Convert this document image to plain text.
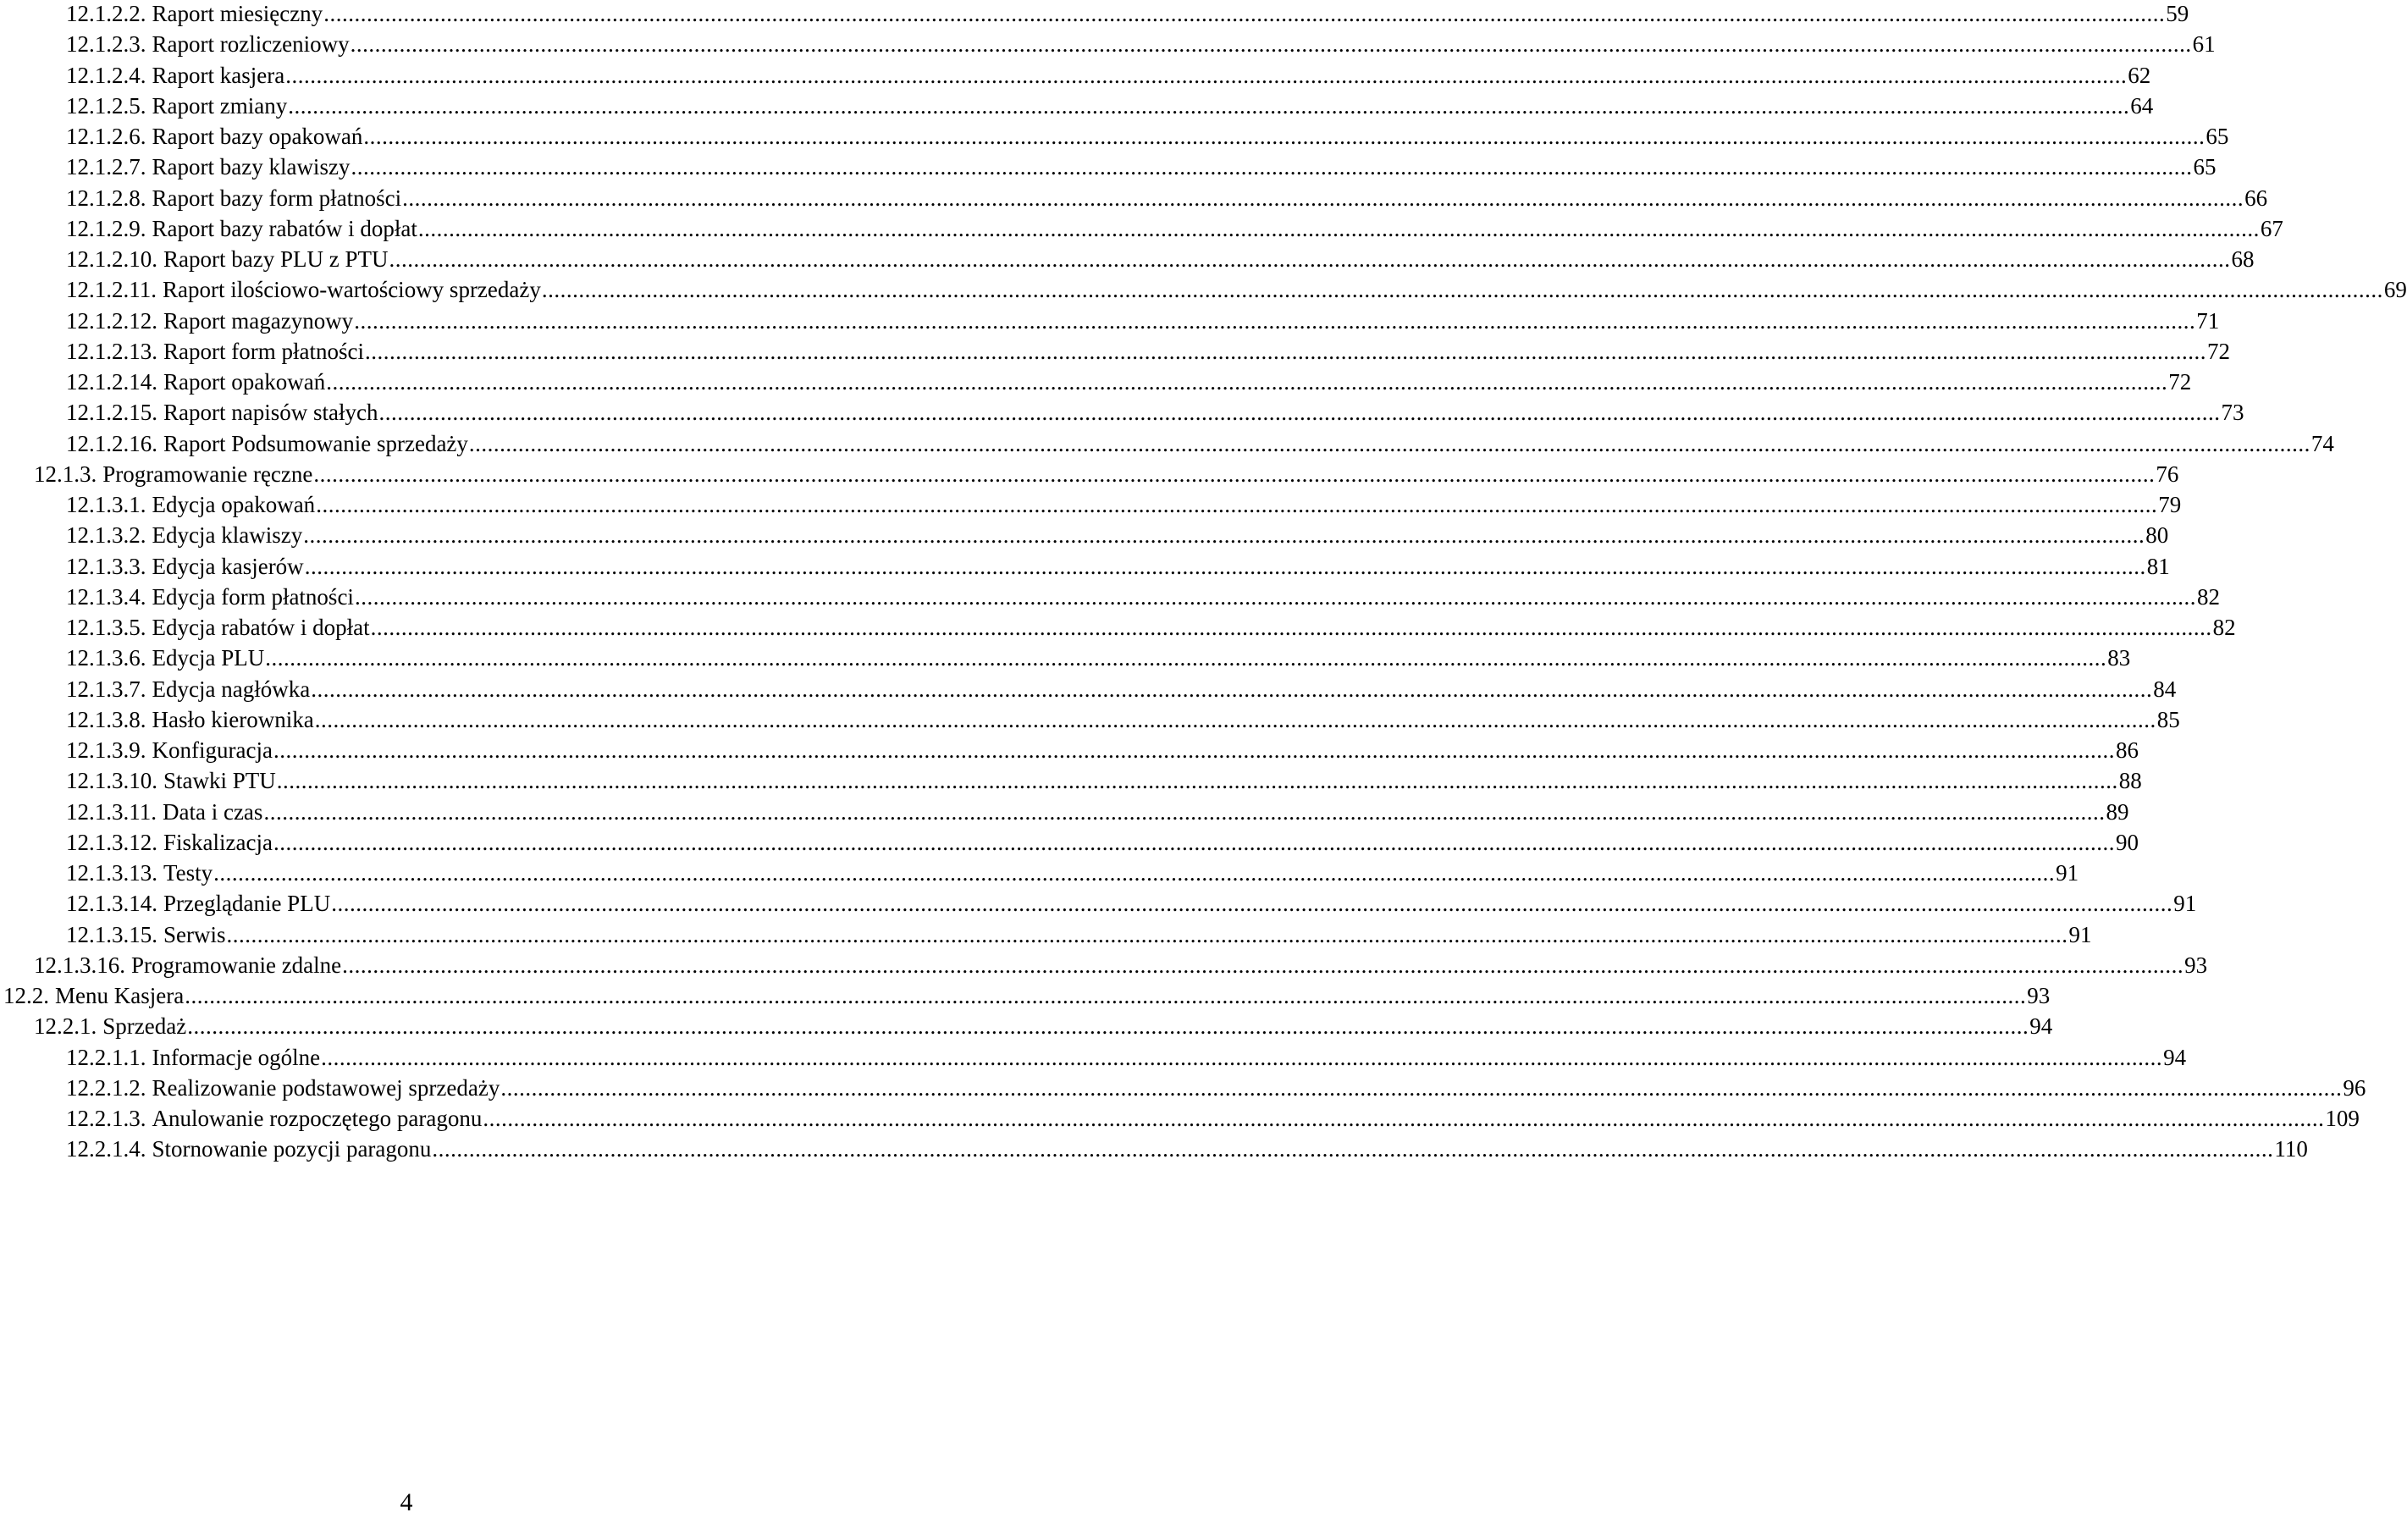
12.1.2.2. Raport miesięczny ............................................................................................................................................................................................................................................................................................................ 59
12.1.2.3. Raport rozliczeniowy ............................................................................................................................................................................................................................................................................................................ 61
12.1.2.4. Raport kasjera ............................................................................................................................................................................................................................................................................................................ 62
12.1.2.5. Raport zmiany ............................................................................................................................................................................................................................................................................................................ 64
12.1.2.6. Raport bazy opakowań ............................................................................................................................................................................................................................................................................................................ 65
12.1.2.7. Raport bazy klawiszy ............................................................................................................................................................................................................................................................................................................ 65
12.1.2.8. Raport bazy form płatności ............................................................................................................................................................................................................................................................................................................ 66
12.1.2.9. Raport bazy rabatów i dopłat ............................................................................................................................................................................................................................................................................................................ 67
12.1.2.10. Raport bazy PLU z PTU ............................................................................................................................................................................................................................................................................................................ 68
12.1.2.11. Raport ilościowo-wartościowy sprzedaży ............................................................................................................................................................................................................................................................................................................ 69
12.1.2.12. Raport magazynowy ............................................................................................................................................................................................................................................................................................................ 71
12.1.2.13. Raport form płatności ............................................................................................................................................................................................................................................................................................................ 72
12.1.2.14. Raport opakowań ............................................................................................................................................................................................................................................................................................................ 72
12.1.2.15. Raport napisów stałych ............................................................................................................................................................................................................................................................................................................ 73
12.1.2.16. Raport Podsumowanie sprzedaży ............................................................................................................................................................................................................................................................................................................ 74
12.1.3. Programowanie ręczne ............................................................................................................................................................................................................................................................................................................ 76
12.1.3.1. Edycja opakowań ............................................................................................................................................................................................................................................................................................................ 79
12.1.3.2. Edycja klawiszy ............................................................................................................................................................................................................................................................................................................ 80
12.1.3.3. Edycja kasjerów ............................................................................................................................................................................................................................................................................................................ 81
12.1.3.4. Edycja form płatności ............................................................................................................................................................................................................................................................................................................ 82
12.1.3.5. Edycja rabatów i dopłat ............................................................................................................................................................................................................................................................................................................ 82
12.1.3.6. Edycja PLU ............................................................................................................................................................................................................................................................................................................ 83
12.1.3.7. Edycja nagłówka ............................................................................................................................................................................................................................................................................................................ 84
12.1.3.8. Hasło kierownika ............................................................................................................................................................................................................................................................................................................ 85
12.1.3.9. Konfiguracja ............................................................................................................................................................................................................................................................................................................ 86
12.1.3.10. Stawki PTU ............................................................................................................................................................................................................................................................................................................ 88
12.1.3.11. Data i czas ............................................................................................................................................................................................................................................................................................................ 89
12.1.3.12. Fiskalizacja ............................................................................................................................................................................................................................................................................................................ 90
12.1.3.13. Testy ............................................................................................................................................................................................................................................................................................................ 91
12.1.3.14. Przeglądanie PLU ............................................................................................................................................................................................................................................................................................................ 91
12.1.3.15. Serwis ............................................................................................................................................................................................................................................................................................................ 91
12.1.3.16. Programowanie zdalne ............................................................................................................................................................................................................................................................................................................ 93
12.2. Menu Kasjera ............................................................................................................................................................................................................................................................................................................ 93
12.2.1. Sprzedaż ............................................................................................................................................................................................................................................................................................................ 94
12.2.1.1. Informacje ogólne ............................................................................................................................................................................................................................................................................................................ 94
12.2.1.2. Realizowanie podstawowej sprzedaży ............................................................................................................................................................................................................................................................................................................ 96
12.2.1.3. Anulowanie rozpoczętego paragonu ............................................................................................................................................................................................................................................................................................................ 109
12.2.1.4. Stornowanie pozycji paragonu ............................................................................................................................................................................................................................................................................................................ 110
4
